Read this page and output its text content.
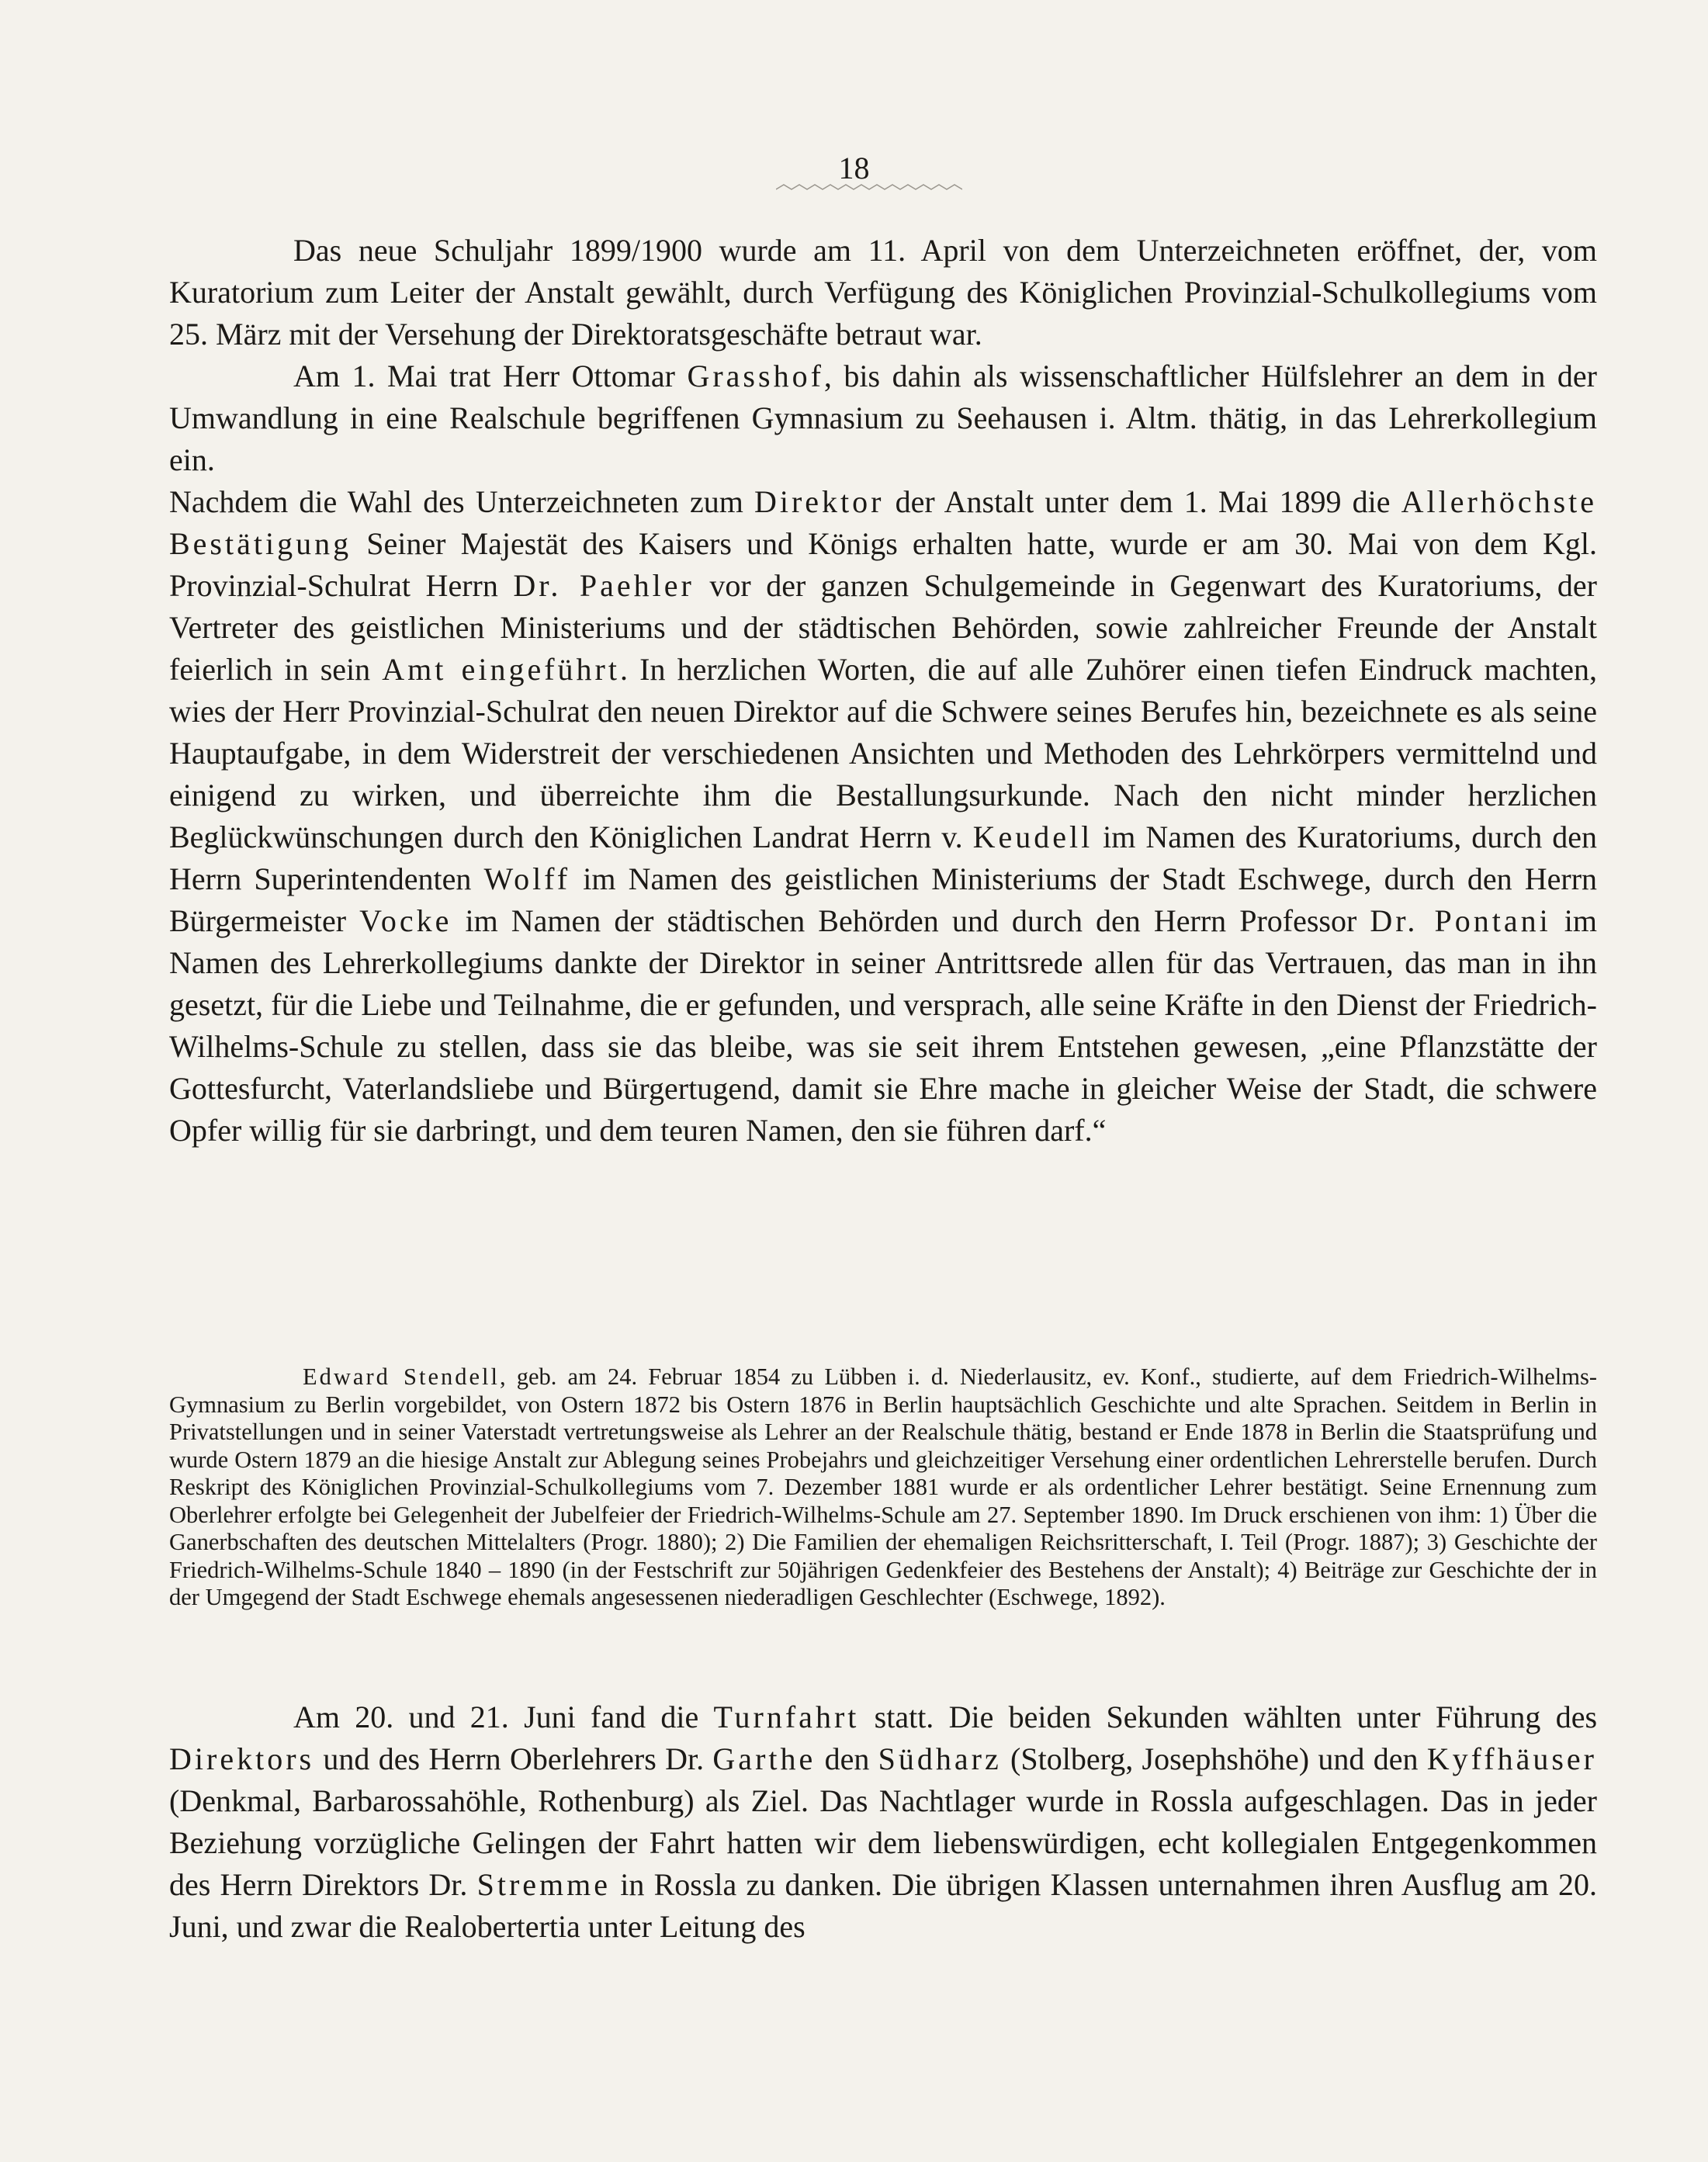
18

Das neue Schuljahr 1899/1900 wurde am 11. April von dem Unterzeichneten eröffnet, der, vom Kuratorium zum Leiter der Anstalt gewählt, durch Verfügung des Königlichen Provinzial-Schulkollegiums vom 25. März mit der Versehung der Direktoratsgeschäfte betraut war.

Am 1. Mai trat Herr Ottomar Grasshof, bis dahin als wissenschaftlicher Hülfslehrer an dem in der Umwandlung in eine Realschule begriffenen Gymnasium zu Seehausen i. Altm. thätig, in das Lehrerkollegium ein.

Nachdem die Wahl des Unterzeichneten zum Direktor der Anstalt unter dem 1. Mai 1899 die Allerhöchste Bestätigung Seiner Majestät des Kaisers und Königs erhalten hatte, wurde er am 30. Mai von dem Kgl. Provinzial-Schulrat Herrn Dr. Paehler vor der ganzen Schulgemeinde in Gegenwart des Kuratoriums, der Vertreter des geistlichen Ministeriums und der städtischen Behörden, sowie zahlreicher Freunde der Anstalt feierlich in sein Amt eingeführt. In herzlichen Worten, die auf alle Zuhörer einen tiefen Eindruck machten, wies der Herr Provinzial-Schulrat den neuen Direktor auf die Schwere seines Berufes hin, bezeichnete es als seine Hauptaufgabe, in dem Widerstreit der verschiedenen Ansichten und Methoden des Lehrkörpers vermittelnd und einigend zu wirken, und überreichte ihm die Bestallungsurkunde. Nach den nicht minder herzlichen Beglückwünschungen durch den Königlichen Landrat Herrn v. Keudell im Namen des Kuratoriums, durch den Herrn Superintendenten Wolff im Namen des geistlichen Ministeriums der Stadt Eschwege, durch den Herrn Bürgermeister Vocke im Namen der städtischen Behörden und durch den Herrn Professor Dr. Pontani im Namen des Lehrerkollegiums dankte der Direktor in seiner Antrittsrede allen für das Vertrauen, das man in ihn gesetzt, für die Liebe und Teilnahme, die er gefunden, und versprach, alle seine Kräfte in den Dienst der Friedrich-Wilhelms-Schule zu stellen, dass sie das bleibe, was sie seit ihrem Entstehen gewesen, „eine Pflanzstätte der Gottesfurcht, Vaterlandsliebe und Bürgertugend, damit sie Ehre mache in gleicher Weise der Stadt, die schwere Opfer willig für sie darbringt, und dem teuren Namen, den sie führen darf.“

Edward Stendell, geb. am 24. Februar 1854 zu Lübben i. d. Niederlausitz, ev. Konf., studierte, auf dem Friedrich-Wilhelms-Gymnasium zu Berlin vorgebildet, von Ostern 1872 bis Ostern 1876 in Berlin hauptsächlich Geschichte und alte Sprachen. Seitdem in Berlin in Privatstellungen und in seiner Vaterstadt vertretungsweise als Lehrer an der Realschule thätig, bestand er Ende 1878 in Berlin die Staatsprüfung und wurde Ostern 1879 an die hiesige Anstalt zur Ablegung seines Probejahrs und gleichzeitiger Versehung einer ordentlichen Lehrerstelle berufen. Durch Reskript des Königlichen Provinzial-Schulkollegiums vom 7. Dezember 1881 wurde er als ordentlicher Lehrer bestätigt. Seine Ernennung zum Oberlehrer erfolgte bei Gelegenheit der Jubelfeier der Friedrich-Wilhelms-Schule am 27. September 1890. Im Druck erschienen von ihm: 1) Über die Ganerbschaften des deutschen Mittelalters (Progr. 1880); 2) Die Familien der ehemaligen Reichsritterschaft, I. Teil (Progr. 1887); 3) Geschichte der Friedrich-Wilhelms-Schule 1840 – 1890 (in der Festschrift zur 50jährigen Gedenkfeier des Bestehens der Anstalt); 4) Beiträge zur Geschichte der in der Umgegend der Stadt Eschwege ehemals angesessenen niederadligen Geschlechter (Eschwege, 1892).

Am 20. und 21. Juni fand die Turnfahrt statt. Die beiden Sekunden wählten unter Führung des Direktors und des Herrn Oberlehrers Dr. Garthe den Südharz (Stolberg, Josephshöhe) und den Kyffhäuser (Denkmal, Barbarossahöhle, Rothenburg) als Ziel. Das Nachtlager wurde in Rossla aufgeschlagen. Das in jeder Beziehung vorzügliche Gelingen der Fahrt hatten wir dem liebenswürdigen, echt kollegialen Entgegenkommen des Herrn Direktors Dr. Stremme in Rossla zu danken. Die übrigen Klassen unternahmen ihren Ausflug am 20. Juni, und zwar die Realobertertia unter Leitung des
